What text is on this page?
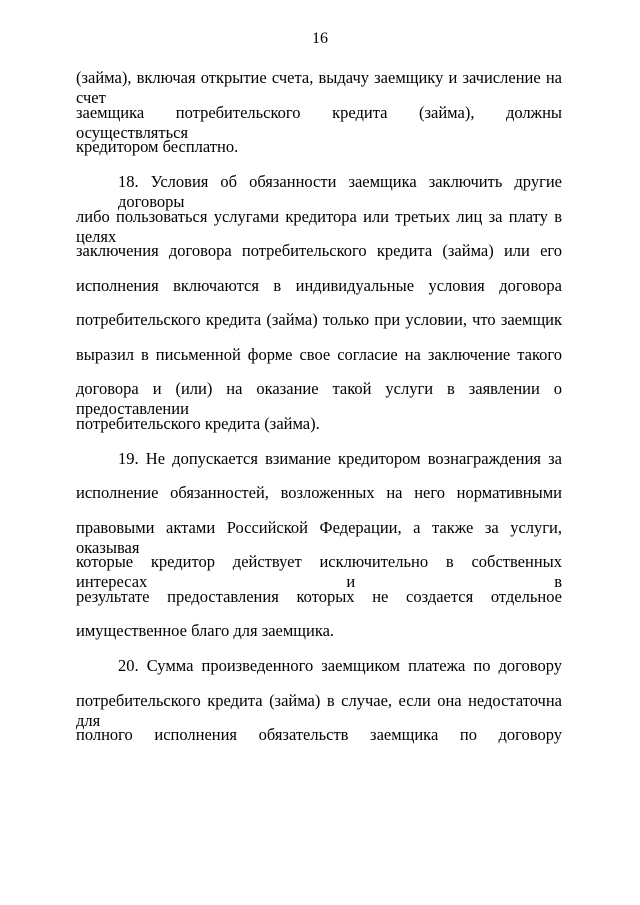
16
(займа), включая открытие счета, выдачу заемщику и зачисление на счет
заемщика потребительского кредита (займа), должны осуществляться
кредитором бесплатно.
18. Условия об обязанности заемщика заключить другие договоры
либо пользоваться услугами кредитора или третьих лиц за плату в целях
заключения договора потребительского кредита (займа) или его
исполнения включаются в индивидуальные условия договора
потребительского кредита (займа) только при условии, что заемщик
выразил в письменной форме свое согласие на заключение такого
договора и (или) на оказание такой услуги в заявлении о предоставлении
потребительского кредита (займа).
19. Не допускается взимание кредитором вознаграждения за
исполнение обязанностей, возложенных на него нормативными
правовыми актами Российской Федерации, а также за услуги, оказывая
которые кредитор действует исключительно в собственных интересах и в
результате предоставления которых не создается отдельное
имущественное благо для заемщика.
20. Сумма произведенного заемщиком платежа по договору
потребительского кредита (займа) в случае, если она недостаточна для
полного исполнения обязательств заемщика по договору
